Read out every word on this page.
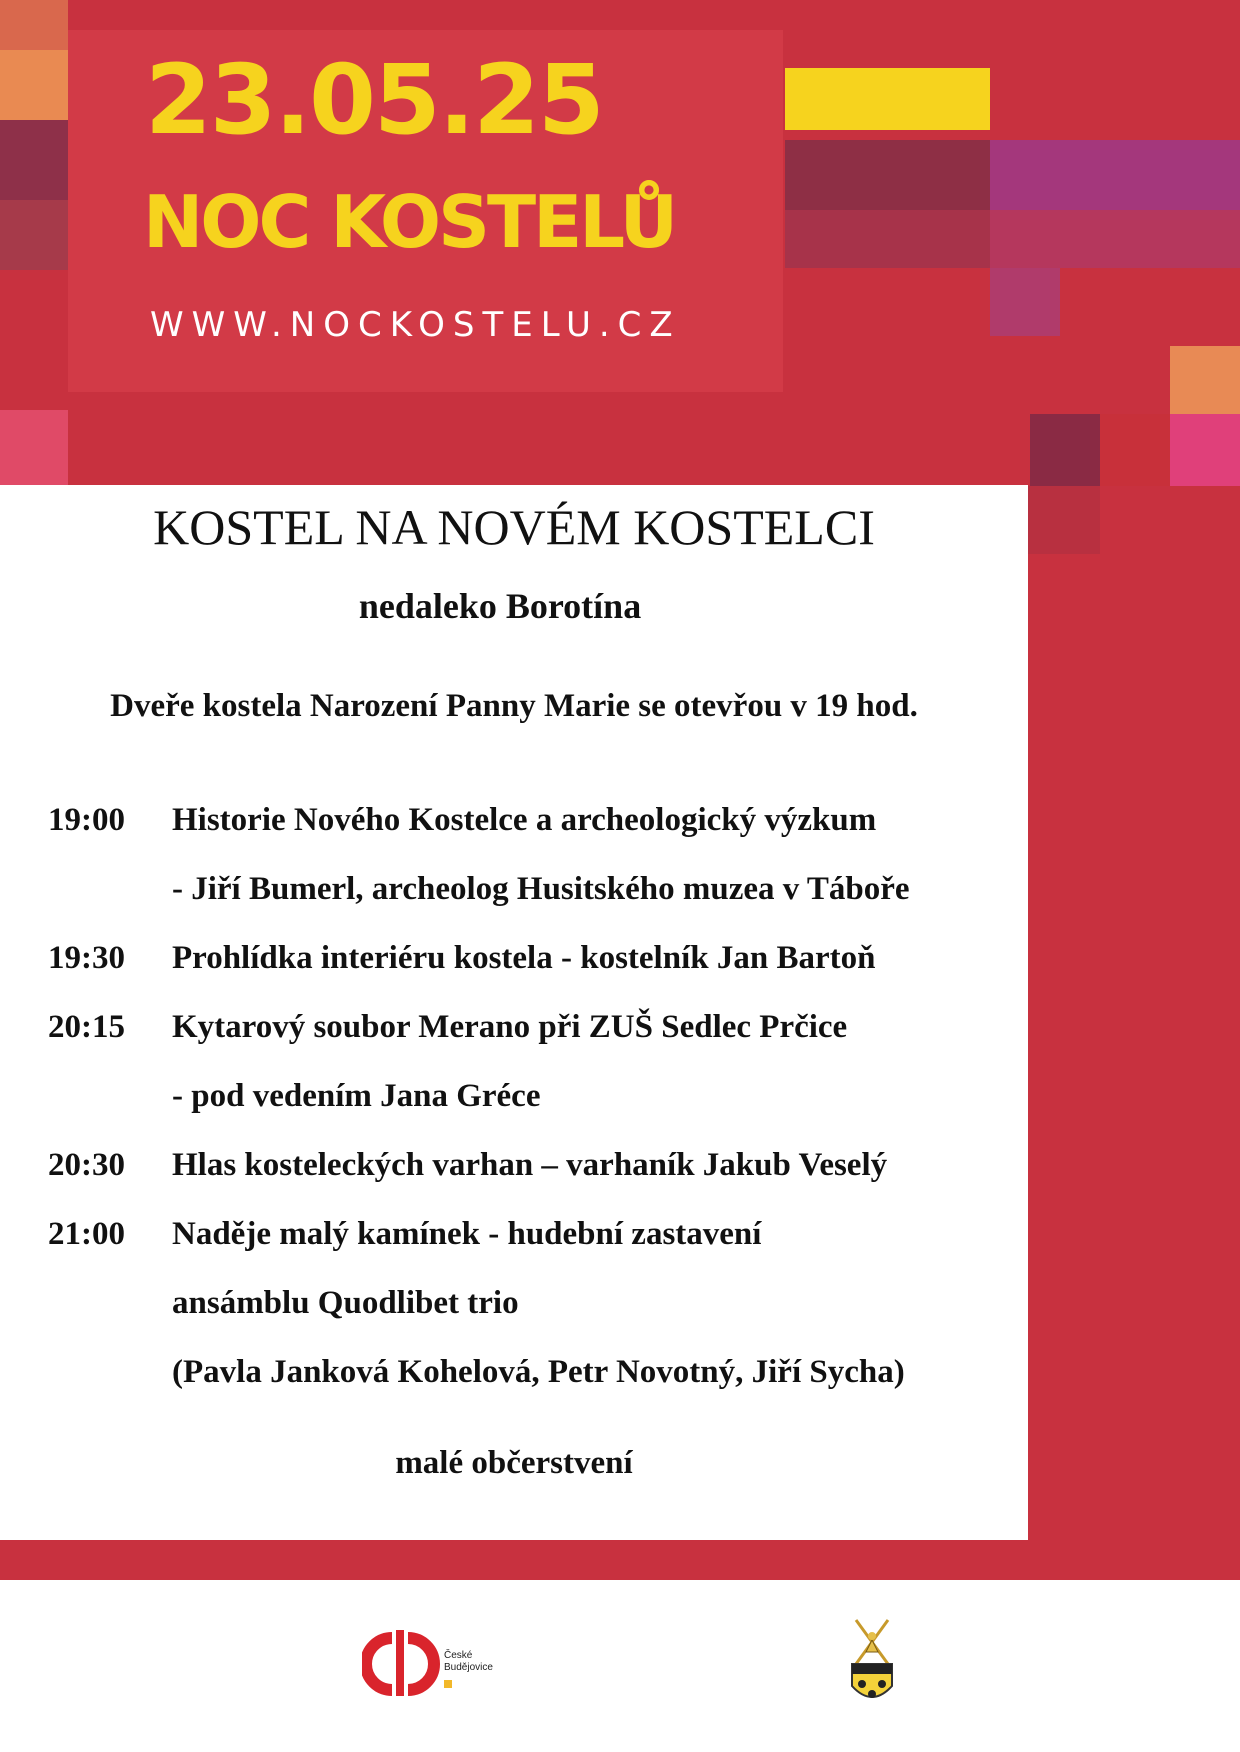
23.05.25
NOC KOSTELŮ
WWW.NOCKOSTELU.CZ
KOSTEL NA NOVÉM KOSTELCI
nedaleko Borotína
Dveře kostela Narození Panny Marie se otevřou v 19 hod.
19:00	Historie Nového Kostelce a archeologický výzkum
- Jiří Bumerl, archeolog Husitského muzea v Táboře
19:30	Prohlídka interiéru kostela - kostelník Jan Bartoň
20:15	Kytarový soubor Merano při ZUŠ Sedlec Prčice
- pod vedením Jana Gréce
20:30	Hlas kosteleckých varhan – varhaník Jakub Veselý
21:00	Naděje malý kamínek - hudební zastavení
ansámblu Quodlibet trio
(Pavla Janková Kohelová, Petr Novotný, Jiří Sycha)
malé občerstvení
České
Budějovice
